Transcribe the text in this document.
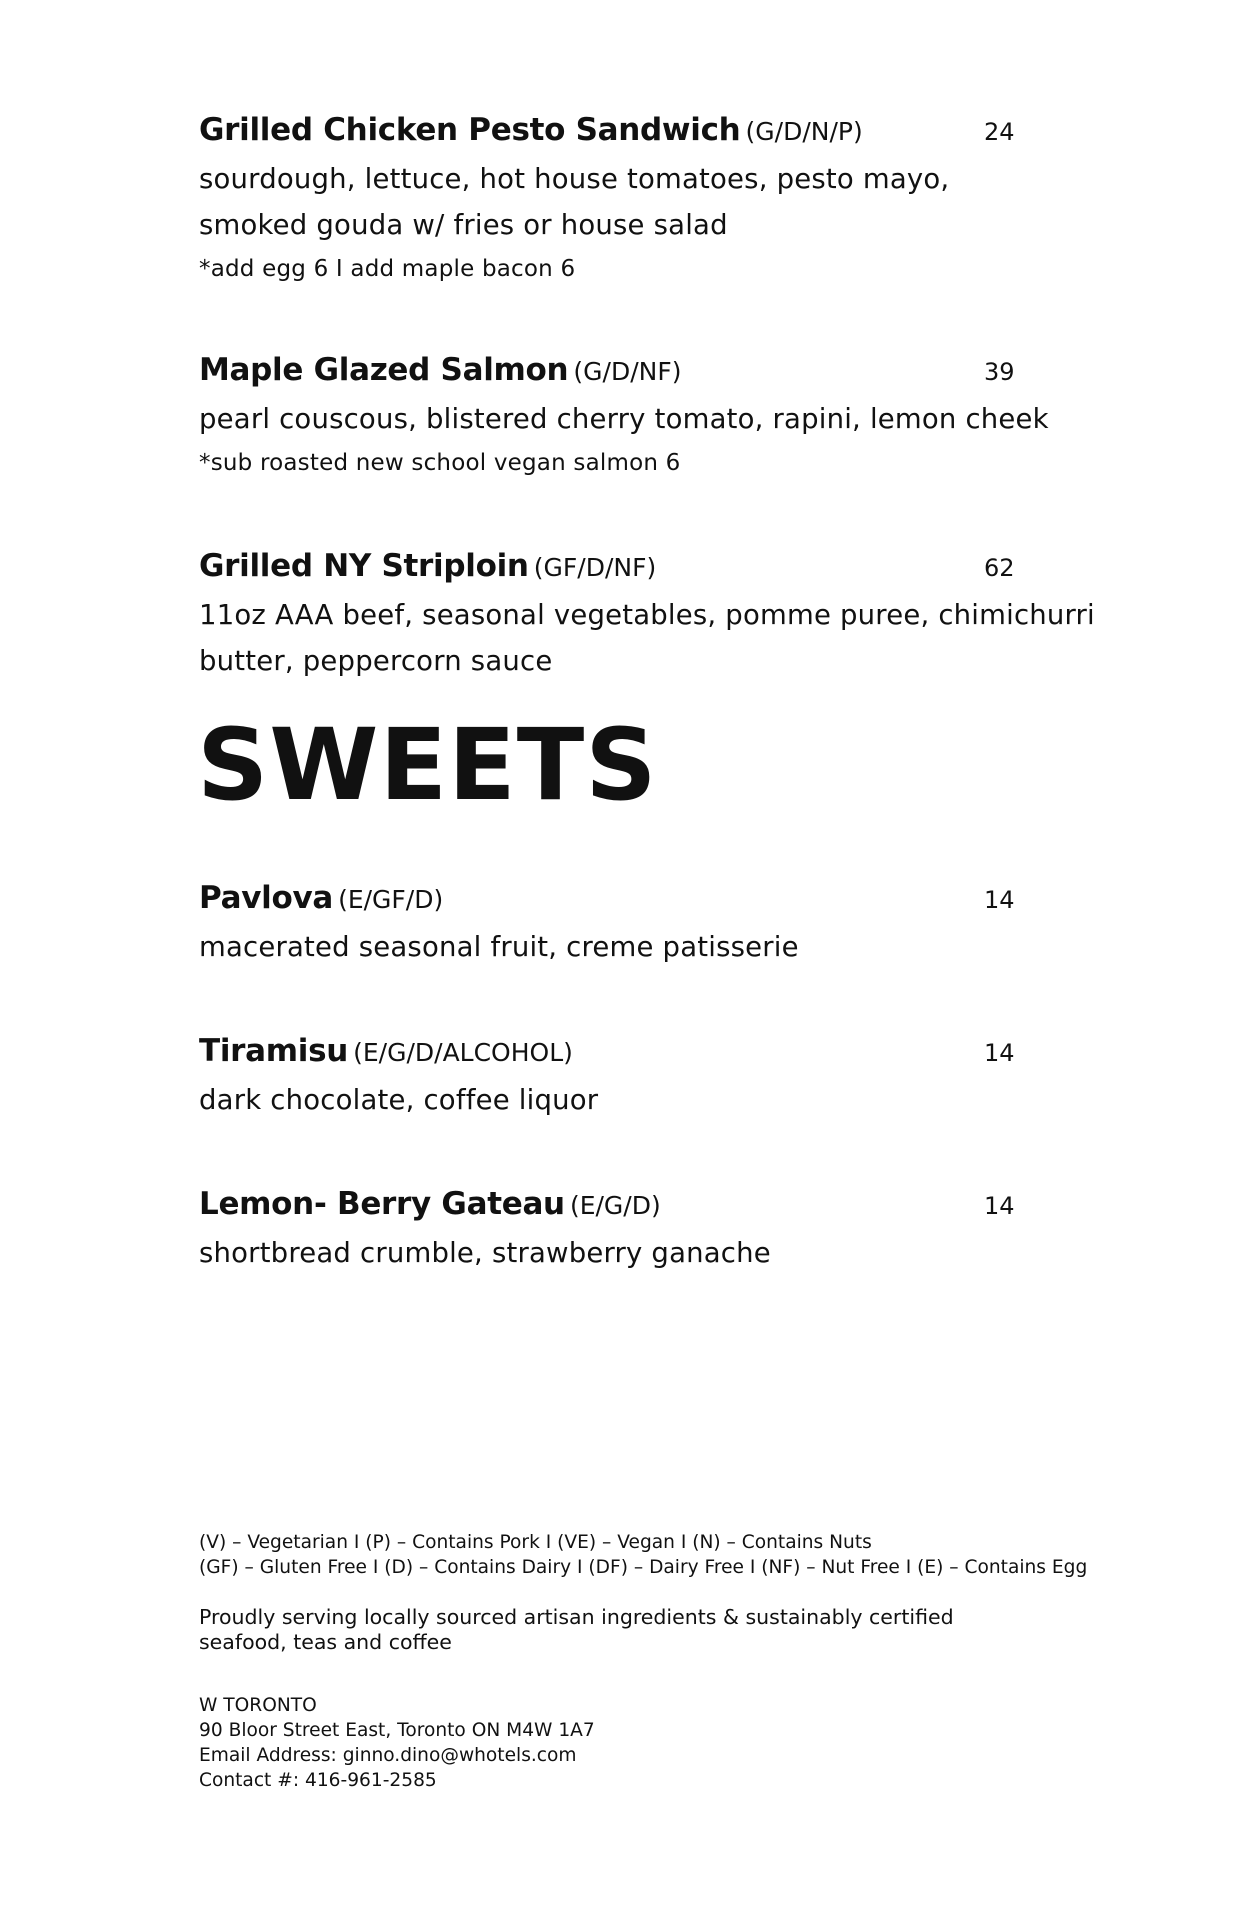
Grilled Chicken Pesto Sandwich (G/D/N/P)	24
sourdough, lettuce, hot house tomatoes, pesto mayo,
smoked gouda w/ fries or house salad
*add egg 6 I add maple bacon 6
Maple Glazed Salmon (G/D/NF)	39
pearl couscous, blistered cherry tomato, rapini, lemon cheek
*sub roasted new school vegan salmon 6
Grilled NY Striploin (GF/D/NF)	62
11oz AAA beef, seasonal vegetables, pomme puree, chimichurri
butter, peppercorn sauce
SWEETS
Pavlova (E/GF/D)	14
macerated seasonal fruit, creme patisserie
Tiramisu (E/G/D/ALCOHOL)	14
dark chocolate, coffee liquor
Lemon- Berry Gateau (E/G/D)	14
shortbread crumble, strawberry ganache
(V) – Vegetarian I (P) – Contains Pork I (VE) – Vegan I (N) – Contains Nuts
(GF) – Gluten Free I (D) – Contains Dairy I (DF) – Dairy Free I (NF) – Nut Free I (E) – Contains Egg
Proudly serving locally sourced artisan ingredients & sustainably certified
seafood, teas and coffee
W TORONTO
90 Bloor Street East, Toronto ON M4W 1A7
Email Address: ginno.dino@whotels.com
Contact #: 416-961-2585
